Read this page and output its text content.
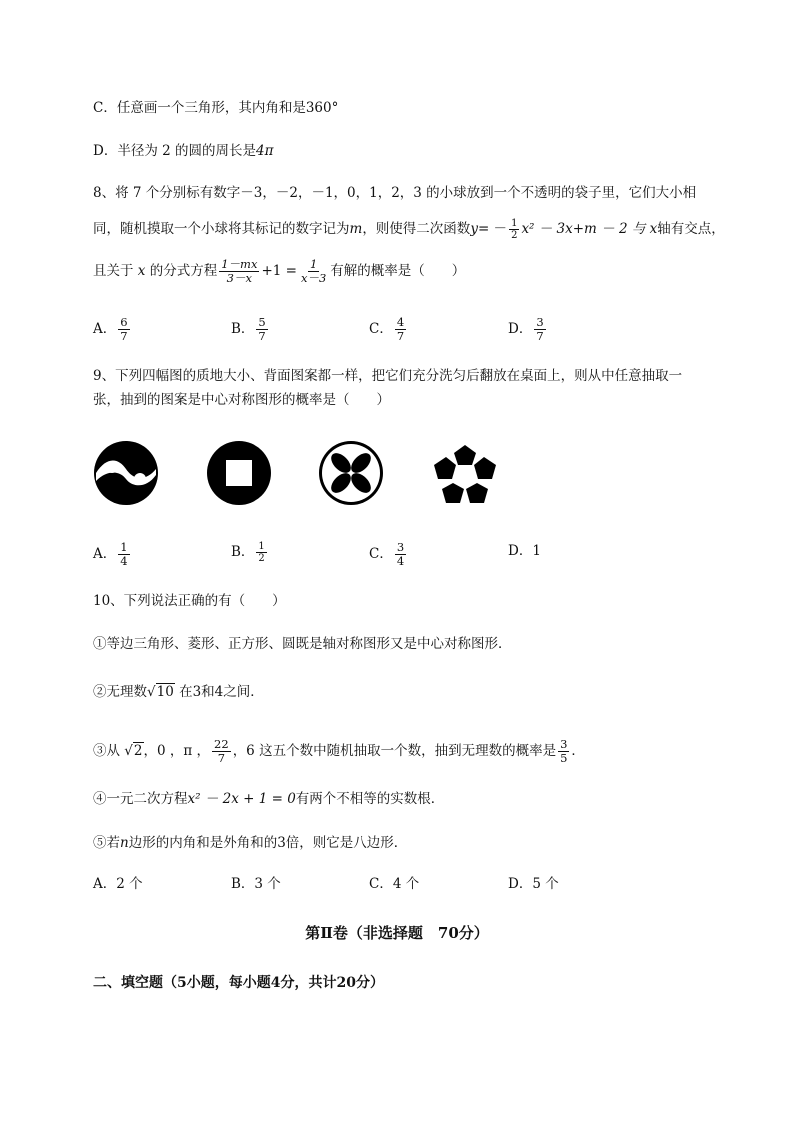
C．任意画一个三角形，其内角和是360°
D．半径为 2 的圆的周长是4π
8、将 7 个分别标有数字－3，－2，－1，0，1，2，3 的小球放到一个不透明的袋子里，它们大小相
同，随机摸取一个小球将其标记的数字记为m，则使得二次函数$y= - \frac{1}{2} x^2 - 3x+m - 2$ 与 x轴有交点，
且关于 x 的分式方程 $\frac{1-mx}{3-x} +1 = \frac{1}{x-3}$ 有解的概率是（　　）
A． $\frac{6}{7}$	B． $\frac{5}{7}$	C． $\frac{4}{7}$	D． $\frac{3}{7}$
9、下列四幅图的质地大小、背面图案都一样，把它们充分洗匀后翻放在桌面上，则从中任意抽取一
张，抽到的图案是中心对称图形的概率是（　　）
A． $\frac{1}{4}$	B． $\frac{1}{2}$	C． $\frac{3}{4}$	D．1
10、下列说法正确的有（　　）
①等边三角形、菱形、正方形、圆既是轴对称图形又是中心对称图形．
②无理数√10 在3和4之间．
③从 √2，0 ，π ， $\frac{22}{7}$ ，6 这五个数中随机抽取一个数，抽到无理数的概率是 $\frac{3}{5}$ ．
④一元二次方程x² － 2x + 1 = 0有两个不相等的实数根．
⑤若n边形的内角和是外角和的3倍，则它是八边形．
A．2 个	B．3 个	C．4 个	D．5 个
第Ⅱ卷（非选择题　70分）
二、填空题（5小题，每小题4分，共计20分）
